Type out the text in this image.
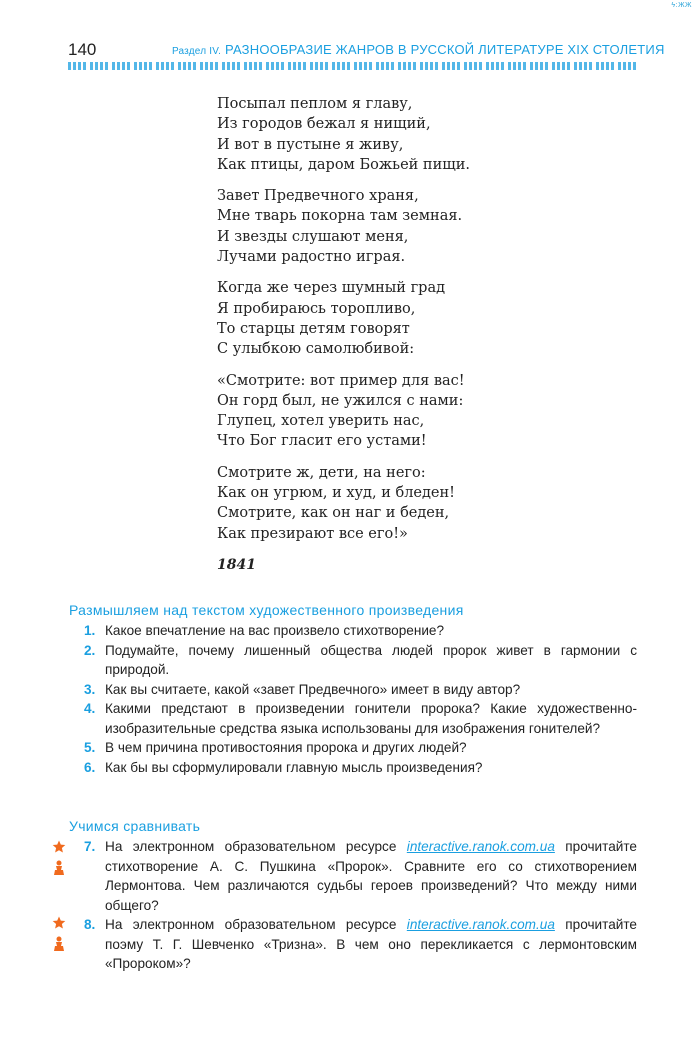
ϟ:ЖЖ
140	Раздел IV. РАЗНООБРАЗИЕ ЖАНРОВ В РУССКОЙ ЛИТЕРАТУРЕ XIX СТОЛЕТИЯ
Посыпал пеплом я главу,
Из городов бежал я нищий,
И вот в пустыне я живу,
Как птицы, даром Божьей пищи.
Завет Предвечного храня,
Мне тварь покорна там земная.
И звезды слушают меня,
Лучами радостно играя.
Когда же через шумный град
Я пробираюсь торопливо,
То старцы детям говорят
С улыбкою самолюбивой:
«Смотрите: вот пример для вас!
Он горд был, не ужился с нами:
Глупец, хотел уверить нас,
Что Бог гласит его устами!
Смотрите ж, дети, на него:
Как он угрюм, и худ, и бледен!
Смотрите, как он наг и беден,
Как презирают все его!»
1841
Размышляем над текстом художественного произведения
1. Какое впечатление на вас произвело стихотворение?
2. Подумайте, почему лишенный общества людей пророк живет в гармонии с природой.
3. Как вы считаете, какой «завет Предвечного» имеет в виду автор?
4. Какими предстают в произведении гонители пророка? Какие художественно-изобразительные средства языка использованы для изображения гонителей?
5. В чем причина противостояния пророка и других людей?
6. Как бы вы сформулировали главную мысль произведения?
Учимся сравнивать
7. На электронном образовательном ресурсе interactive.ranok.com.ua прочитайте стихотворение А. С. Пушкина «Пророк». Сравните его со стихотворением Лермонтова. Чем различаются судьбы героев произведений? Что между ними общего?
8. На электронном образовательном ресурсе interactive.ranok.com.ua прочитайте поэму Т. Г. Шевченко «Тризна». В чем оно перекликается с лермонтовским «Пророком»?
